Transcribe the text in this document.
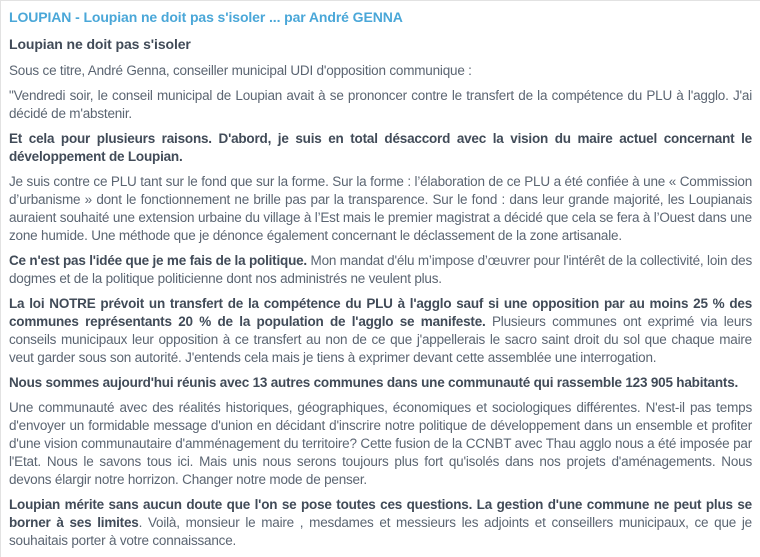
LOUPIAN - Loupian ne doit pas s'isoler ... par André GENNA
Loupian ne doit pas s'isoler

Sous ce titre, André Genna, conseiller municipal UDI d'opposition communique :

"Vendredi soir, le conseil municipal de Loupian avait à se prononcer contre le transfert de la compétence du PLU à l'agglo. J'ai décidé de m'abstenir.

Et cela pour plusieurs raisons. D'abord, je suis en total désaccord avec la vision du maire actuel concernant le développement de Loupian.

Je suis contre ce PLU tant sur le fond que sur la forme. Sur la forme : l’élaboration de ce PLU a été confiée à une « Commission d’urbanisme » dont le fonctionnement ne brille pas par la transparence. Sur le fond : dans leur grande majorité, les Loupianais auraient souhaité une extension urbaine du village à l’Est mais le premier magistrat a décidé que cela se fera à l’Ouest dans une zone humide. Une méthode que je dénonce également concernant le déclassement de la zone artisanale.

Ce n'est pas l'idée que je me fais de la politique. Mon mandat d'élu m’impose d’œuvrer pour l'intérêt de la collectivité, loin des dogmes et de la politique politicienne dont nos administrés ne veulent plus.

La loi NOTRE prévoit un transfert de la compétence du PLU à l'agglo sauf si une opposition par au moins 25 % des communes représentants 20 % de la population de l'agglo se manifeste. Plusieurs communes ont exprimé via leurs conseils municipaux leur opposition à ce transfert au non de ce que j'appellerais le sacro saint droit du sol que chaque maire veut garder sous son autorité. J'entends cela mais je tiens à exprimer devant cette assemblée une interrogation.

Nous sommes aujourd'hui réunis avec 13 autres communes dans une communauté qui rassemble 123 905 habitants.

Une communauté avec des réalités historiques, géographiques, économiques et sociologiques différentes. N'est-il pas temps d'envoyer un formidable message d'union en décidant d'inscrire notre politique de développement dans un ensemble et profiter d'une vision communautaire d'amménagement du territoire? Cette fusion de la CCNBT avec Thau agglo nous a été imposée par l'Etat. Nous le savons tous ici. Mais unis nous serons toujours plus fort qu'isolés dans nos projets d'aménagements. Nous devons élargir notre horrizon. Changer notre mode de penser.

Loupian mérite sans aucun doute que l'on se pose toutes ces questions. La gestion d'une commune ne peut plus se borner à ses limites. Voilà, monsieur le maire , mesdames et messieurs les adjoints et conseillers municipaux, ce que je souhaitais porter à votre connaissance.
